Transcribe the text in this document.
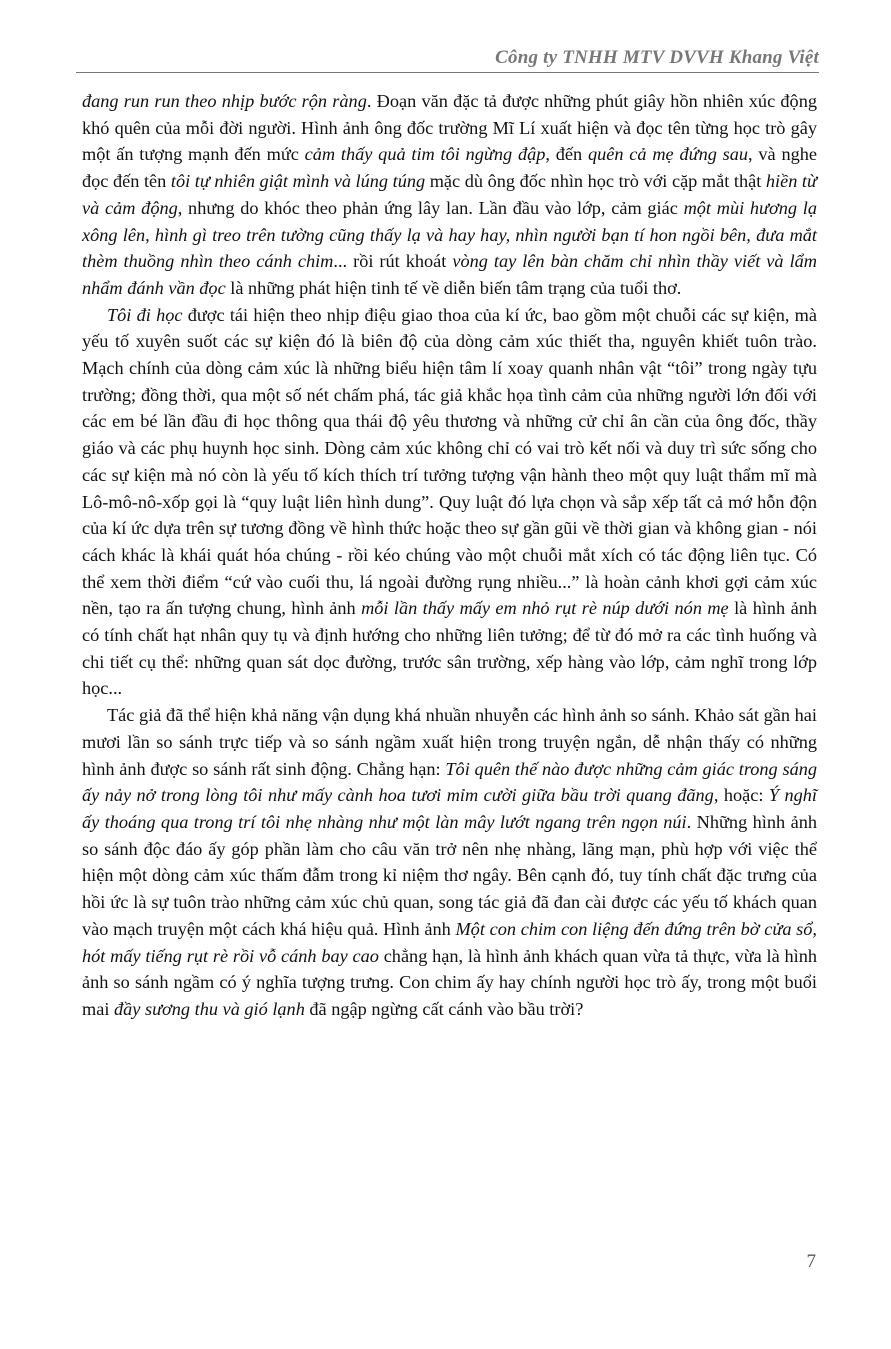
Công ty TNHH MTV DVVH Khang Việt

đang run run theo nhịp bước rộn ràng. Đoạn văn đặc tả được những phút giây hồn nhiên xúc động khó quên của mỗi đời người. Hình ảnh ông đốc trường Mĩ Lí xuất hiện và đọc tên từng học trò gây một ấn tượng mạnh đến mức cảm thấy quả tim tôi ngừng đập, đến quên cả mẹ đứng sau, và nghe đọc đến tên tôi tự nhiên giật mình và lúng túng mặc dù ông đốc nhìn học trò với cặp mắt thật hiền từ và cảm động, nhưng do khóc theo phản ứng lây lan. Lần đầu vào lớp, cảm giác một mùi hương lạ xông lên, hình gì treo trên tường cũng thấy lạ và hay hay, nhìn người bạn tí hon ngồi bên, đưa mắt thèm thuồng nhìn theo cánh chim... rồi rút khoát vòng tay lên bàn chăm chỉ nhìn thầy viết và lẩm nhẩm đánh vần đọc là những phát hiện tinh tế về diễn biến tâm trạng của tuổi thơ.

Tôi đi học được tái hiện theo nhịp điệu giao thoa của kí ức, bao gồm một chuỗi các sự kiện, mà yếu tố xuyên suốt các sự kiện đó là biên độ của dòng cảm xúc thiết tha, nguyên khiết tuôn trào. Mạch chính của dòng cảm xúc là những biểu hiện tâm lí xoay quanh nhân vật “tôi” trong ngày tựu trường; đồng thời, qua một số nét chấm phá, tác giả khắc họa tình cảm của những người lớn đối với các em bé lần đầu đi học thông qua thái độ yêu thương và những cử chỉ ân cần của ông đốc, thầy giáo và các phụ huynh học sinh. Dòng cảm xúc không chỉ có vai trò kết nối và duy trì sức sống cho các sự kiện mà nó còn là yếu tố kích thích trí tưởng tượng vận hành theo một quy luật thẩm mĩ mà Lô-mô-nô-xốp gọi là “quy luật liên hình dung”. Quy luật đó lựa chọn và sắp xếp tất cả mớ hỗn độn của kí ức dựa trên sự tương đồng về hình thức hoặc theo sự gần gũi về thời gian và không gian - nói cách khác là khái quát hóa chúng - rồi kéo chúng vào một chuỗi mắt xích có tác động liên tục. Có thể xem thời điểm “cứ vào cuối thu, lá ngoài đường rụng nhiều...” là hoàn cảnh khơi gợi cảm xúc nền, tạo ra ấn tượng chung, hình ảnh mỗi lần thấy mấy em nhỏ rụt rè núp dưới nón mẹ là hình ảnh có tính chất hạt nhân quy tụ và định hướng cho những liên tưởng; để từ đó mở ra các tình huống và chi tiết cụ thể: những quan sát dọc đường, trước sân trường, xếp hàng vào lớp, cảm nghĩ trong lớp học...

Tác giả đã thể hiện khả năng vận dụng khá nhuần nhuyễn các hình ảnh so sánh. Khảo sát gần hai mươi lần so sánh trực tiếp và so sánh ngầm xuất hiện trong truyện ngắn, dễ nhận thấy có những hình ảnh được so sánh rất sinh động. Chẳng hạn: Tôi quên thế nào được những cảm giác trong sáng ấy nảy nở trong lòng tôi như mấy cành hoa tươi mỉm cười giữa bầu trời quang đãng, hoặc: Ý nghĩ ấy thoáng qua trong trí tôi nhẹ nhàng như một làn mây lướt ngang trên ngọn núi. Những hình ảnh so sánh độc đáo ấy góp phần làm cho câu văn trở nên nhẹ nhàng, lãng mạn, phù hợp với việc thể hiện một dòng cảm xúc thấm đẫm trong kỉ niệm thơ ngây. Bên cạnh đó, tuy tính chất đặc trưng của hồi ức là sự tuôn trào những cảm xúc chủ quan, song tác giả đã đan cài được các yếu tố khách quan vào mạch truyện một cách khá hiệu quả. Hình ảnh Một con chim con liệng đến đứng trên bờ cửa sổ, hót mấy tiếng rụt rè rồi vỗ cánh bay cao chẳng hạn, là hình ảnh khách quan vừa tả thực, vừa là hình ảnh so sánh ngầm có ý nghĩa tượng trưng. Con chim ấy hay chính người học trò ấy, trong một buổi mai đầy sương thu và gió lạnh đã ngập ngừng cất cánh vào bầu trời?

7
